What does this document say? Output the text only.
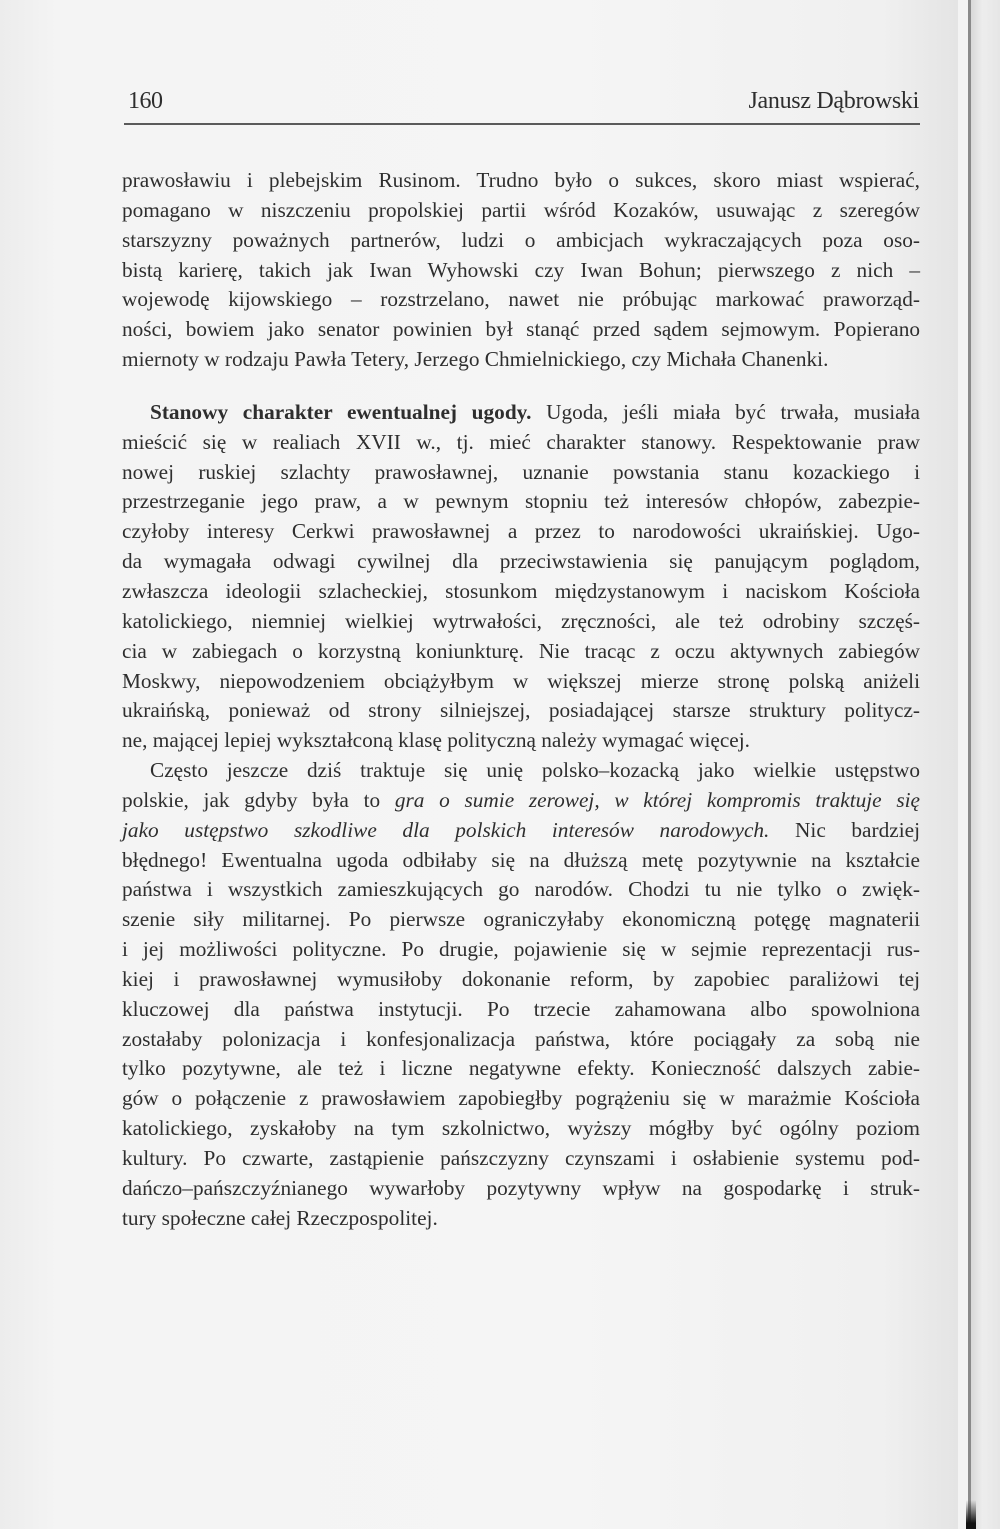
160	Janusz Dąbrowski
prawosławiu i plebejskim Rusinom. Trudno było o sukces, skoro miast wspierać,
pomagano w niszczeniu propolskiej partii wśród Kozaków, usuwając z szeregów
starszyzny poważnych partnerów, ludzi o ambicjach wykraczających poza oso-
bistą karierę, takich jak Iwan Wyhowski czy Iwan Bohun; pierwszego z nich –
wojewodę kijowskiego – rozstrzelano, nawet nie próbując markować praworząd-
ności, bowiem jako senator powinien był stanąć przed sądem sejmowym. Popierano
miernoty w rodzaju Pawła Tetery, Jerzego Chmielnickiego, czy Michała Chanenki.
Stanowy charakter ewentualnej ugody. Ugoda, jeśli miała być trwała, musiała
mieścić się w realiach XVII w., tj. mieć charakter stanowy. Respektowanie praw
nowej ruskiej szlachty prawosławnej, uznanie powstania stanu kozackiego i
przestrzeganie jego praw, a w pewnym stopniu też interesów chłopów, zabezpie-
czyłoby interesy Cerkwi prawosławnej a przez to narodowości ukraińskiej. Ugo-
da wymagała odwagi cywilnej dla przeciwstawienia się panującym poglądom,
zwłaszcza ideologii szlacheckiej, stosunkom międzystanowym i naciskom Kościoła
katolickiego, niemniej wielkiej wytrwałości, zręczności, ale też odrobiny szczęś-
cia w zabiegach o korzystną koniunkturę. Nie tracąc z oczu aktywnych zabiegów
Moskwy, niepowodzeniem obciążyłbym w większej mierze stronę polską aniżeli
ukraińską, ponieważ od strony silniejszej, posiadającej starsze struktury politycz-
ne, mającej lepiej wykształconą klasę polityczną należy wymagać więcej.
Często jeszcze dziś traktuje się unię polsko–kozacką jako wielkie ustępstwo
polskie, jak gdyby była to gra o sumie zerowej, w której kompromis traktuje się
jako ustępstwo szkodliwe dla polskich interesów narodowych. Nic bardziej
błędnego! Ewentualna ugoda odbiłaby się na dłuższą metę pozytywnie na kształcie
państwa i wszystkich zamieszkujących go narodów. Chodzi tu nie tylko o zwięk-
szenie siły militarnej. Po pierwsze ograniczyłaby ekonomiczną potęgę magnaterii
i jej możliwości polityczne. Po drugie, pojawienie się w sejmie reprezentacji rus-
kiej i prawosławnej wymusiłoby dokonanie reform, by zapobiec paraliżowi tej
kluczowej dla państwa instytucji. Po trzecie zahamowana albo spowolniona
zostałaby polonizacja i konfesjonalizacja państwa, które pociągały za sobą nie
tylko pozytywne, ale też i liczne negatywne efekty. Konieczność dalszych zabie-
gów o połączenie z prawosławiem zapobiegłby pogrążeniu się w marażmie Kościoła
katolickiego, zyskałoby na tym szkolnictwo, wyższy mógłby być ogólny poziom
kultury. Po czwarte, zastąpienie pańszczyzny czynszami i osłabienie systemu pod-
dańczo–pańszczyźnianego wywarłoby pozytywny wpływ na gospodarkę i struk-
tury społeczne całej Rzeczpospolitej.
